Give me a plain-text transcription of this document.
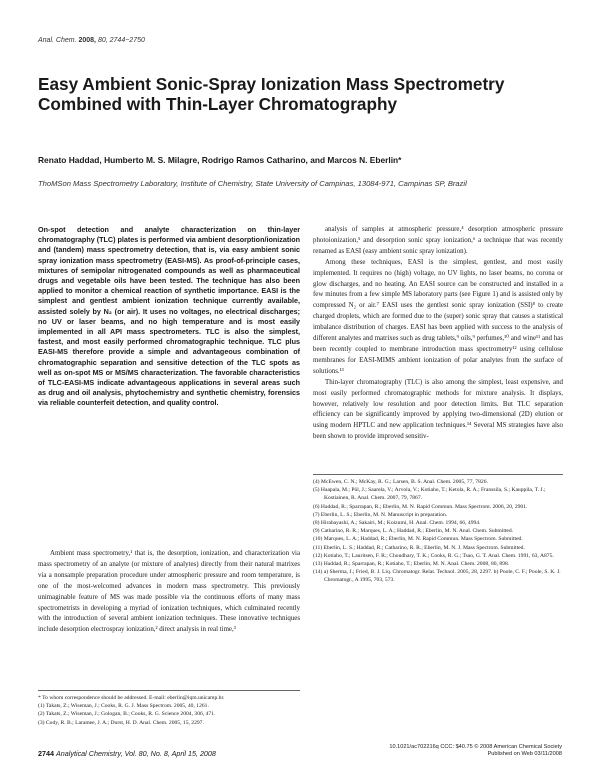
Anal. Chem. 2008, 80, 2744−2750
Easy Ambient Sonic-Spray Ionization Mass Spectrometry Combined with Thin-Layer Chromatography
Renato Haddad, Humberto M. S. Milagre, Rodrigo Ramos Catharino, and Marcos N. Eberlin*
ThoMSon Mass Spectrometry Laboratory, Institute of Chemistry, State University of Campinas, 13084-971, Campinas SP, Brazil

On-spot detection and analyte characterization on thin-layer chromatography (TLC) plates is performed via ambient desorption/ionization and (tandem) mass spectrometry detection, that is, via easy ambient sonic spray ionization mass spectrometry (EASI-MS). As proof-of-principle cases, mixtures of semipolar nitrogenated compounds as well as pharmaceutical drugs and vegetable oils have been tested. The technique has also been applied to monitor a chemical reaction of synthetic importance. EASI is the simplest and gentlest ambient ionization technique currently available, assisted solely by N₂ (or air). It uses no voltages, no electrical discharges; no UV or laser beams, and no high temperature and is most easily implemented in all API mass spectrometers. TLC is also the simplest, fastest, and most easily performed chromatographic technique. TLC plus EASI-MS therefore provide a simple and advantageous combination of chromatographic separation and sensitive detection of the TLC spots as well as on-spot MS or MS/MS characterization. The favorable characteristics of TLC-EASI-MS indicate advantageous applications in several areas such as drug and oil analysis, phytochemistry and synthetic chemistry, forensics via reliable counterfeit detection, and quality control.

Ambient mass spectrometry,¹ that is, the desorption, ionization, and characterization via mass spectrometry of an analyte (or mixture of analytes) directly from their natural matrixes via a nonsample preparation procedure under atmospheric pressure and room temperature, is one of the most-welcomed advances in modern mass spectrometry. This previously unimaginable feature of MS was made possible via the continuous efforts of many mass spectrometrists in developing a myriad of ionization techniques, which culminated recently with the introduction of several ambient ionization techniques. These innovative techniques include desorption electrospray ionization,² direct analysis in real time,³

analysis of samples at atmospheric pressure,⁴ desorption atmospheric pressure photoionization,⁵ and desorption sonic spray ionization,⁶ a technique that was recently renamed as EASI (easy ambient sonic spray ionization).

Among these techniques, EASI is the simplest, gentlest, and most easily implemented. It requires no (high) voltage, no UV lights, no laser beams, no corona or glow discharges, and no heating. An EASI source can be constructed and installed in a few minutes from a few simple MS laboratory parts (see Figure 1) and is assisted only by compressed N₂ or air.⁷ EASI uses the gentlest sonic spray ionization (SSI)⁸ to create charged droplets, which are formed due to the (super) sonic spray that causes a statistical imbalance distribution of charges. EASI has been applied with success to the analysis of different analytes and matrixes such as drug tablets,⁹ oils,⁹ perfumes,¹⁰ and wine¹¹ and has been recently coupled to membrane introduction mass spectrometry¹² using cellulose membranes for EASI-MIMS ambient ionization of polar analytes from the surface of solutions.¹³

Thin-layer chromatography (TLC) is also among the simplest, least expensive, and most easily performed chromatographic methods for mixture analysis. It displays, however, relatively low resolution and poor detection limits. But TLC separation efficiency can be significantly improved by applying two-dimensional (2D) elution or using modern HPTLC and new application techniques.¹⁴ Several MS strategies have also been shown to provide improved sensitiv-

(4) McEwen, C. N.; McKay, R. G.; Larsen, B. S. Anal. Chem. 2005, 77, 7826.
(5) Haapala, M.; Pöl, J.; Saarela, V.; Arvola, V.; Kotiaho, T.; Ketola, R. A.; Franssila, S.; Kauppila, T. J.; Kostiainen, R. Anal. Chem. 2007, 79, 7867.
(6) Haddad, R.; Sparrapan, R.; Eberlin, M. N. Rapid Commun. Mass Spectrom. 2006, 20, 2901.
(7) Eberlin, L. S.; Eberlin, M. N. Manuscript in preparation.
(8) Hirabayashi, A.; Sakairi, M.; Koizumi, H. Anal. Chem. 1994, 66, 4994.
(9) Catharino, R. R.; Marques, L. A.; Haddad, R.; Eberlin, M. N. Anal. Chem. Submitted.
(10) Marques, L. A.; Haddad, R.; Eberlin, M. N. Rapid Commun. Mass Spectrom. Submitted.
(11) Eberlin, L. S.; Haddad, R.; Catharino, R. R.; Eberlin, M. N. J. Mass Spectrom. Submitted.
(12) Kotiaho, T.; Lauritsen, F. R.; Choudhary, T. K.; Cooks, R. G.; Tsao, G. T. Anal. Chem. 1991, 63, A875.
(13) Haddad, R.; Sparrapan, R.; Kotiaho, T.; Eberlin, M. N. Anal. Chem. 2008, 80, 898.
(14) a) Sherma, J.; Fried, B. J. Liq. Chromatogr. Relat. Technol. 2005, 28, 2297. b) Poole, C. F.; Poole, S. K. J. Chromatogr., A 1995, 703, 573.
* To whom correspondence should be addressed. E-mail: eberlin@iqm.unicamp.br.
(1) Takats, Z.; Wiseman, J.; Cooks, R. G. J. Mass Spectrom. 2005, 40, 1261.
(2) Takats, Z.; Wiseman, J.; Gologan, B.; Cooks, R. G. Science 2004, 306, 471.
(3) Cody, R. B.; Laramee, J. A.; Durst, H. D. Anal. Chem. 2005, 15, 2297.
2744 Analytical Chemistry, Vol. 80, No. 8, April 15, 2008
10.1021/ac702216q CCC: $40.75 © 2008 American Chemical Society
Published on Web 03/11/2008
